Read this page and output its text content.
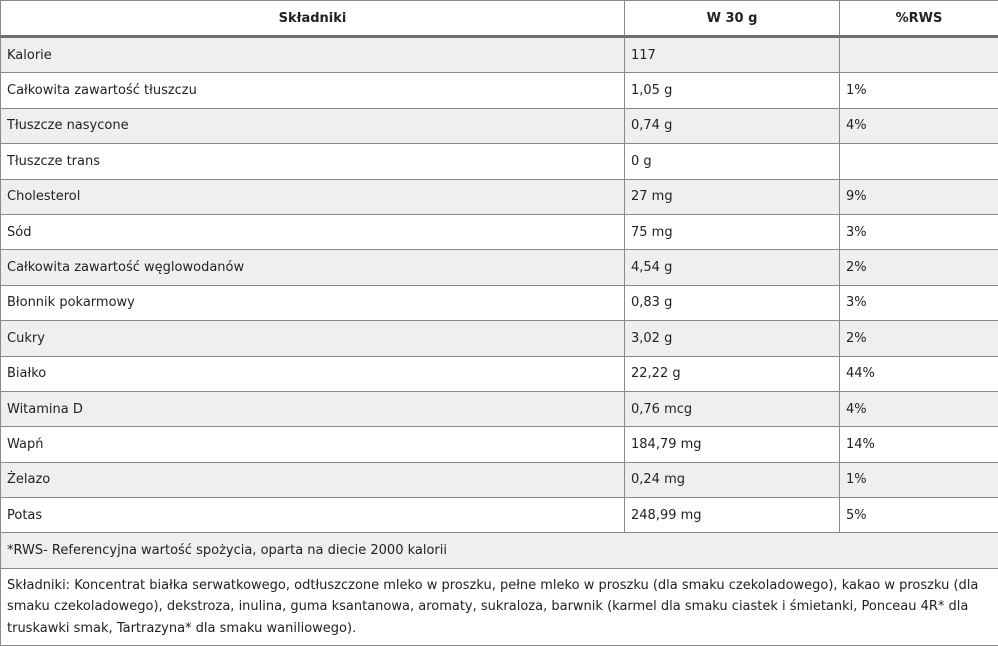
Składniki	W 30 g	%RWS
Kalorie	117	
Całkowita zawartość tłuszczu	1,05 g	1%
Tłuszcze nasycone	0,74 g	4%
Tłuszcze trans	0 g	
Cholesterol	27 mg	9%
Sód	75 mg	3%
Całkowita zawartość węglowodanów	4,54 g	2%
Błonnik pokarmowy	0,83 g	3%
Cukry	3,02 g	2%
Białko	22,22 g	44%
Witamina D	0,76 mcg	4%
Wapń	184,79 mg	14%
Żelazo	0,24 mg	1%
Potas	248,99 mg	5%
*RWS- Referencyjna wartość spożycia, oparta na diecie 2000 kalorii		
Składniki: Koncentrat białka serwatkowego, odtłuszczone mleko w proszku, pełne mleko w proszku (dla smaku czekoladowego), kakao w proszku (dla smaku czekoladowego), dekstroza, inulina, guma ksantanowa, aromaty, sukraloza, barwnik (karmel dla smaku ciastek i śmietanki, Ponceau 4R* dla truskawki smak, Tartrazyna* dla smaku waniliowego).		
